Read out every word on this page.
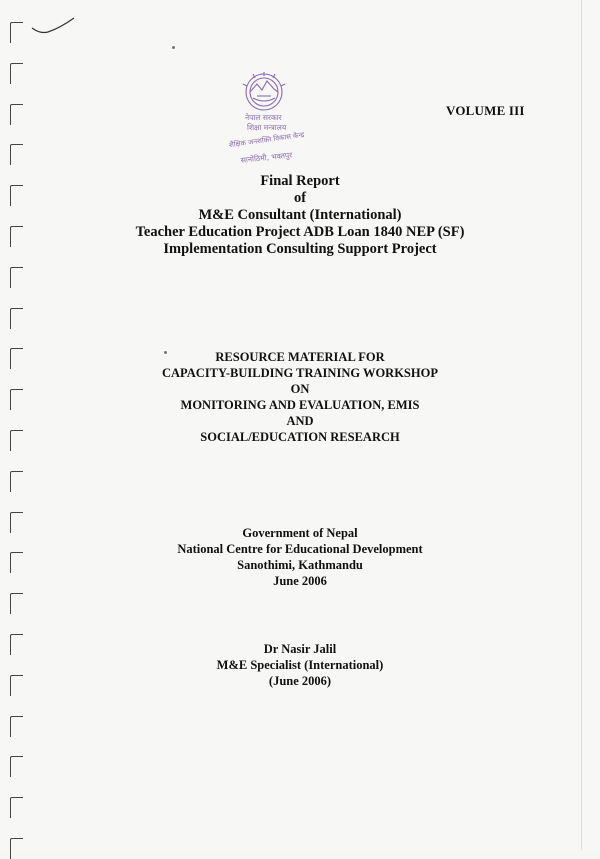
नेपाल सरकार
शिक्षा मन्त्रालय
शैक्षिक जनशक्ति विकास केन्द्र
सानोठिमी, भक्तपुर
VOLUME III
Final Report
of
M&E Consultant (International)
Teacher Education Project ADB Loan 1840 NEP (SF)
Implementation Consulting Support Project
RESOURCE MATERIAL FOR
CAPACITY-BUILDING TRAINING WORKSHOP
ON
MONITORING AND EVALUATION, EMIS
AND
SOCIAL/EDUCATION RESEARCH
Government of Nepal
National Centre for Educational Development
Sanothimi, Kathmandu
June 2006
Dr Nasir Jalil
M&E Specialist (International)
(June 2006)
